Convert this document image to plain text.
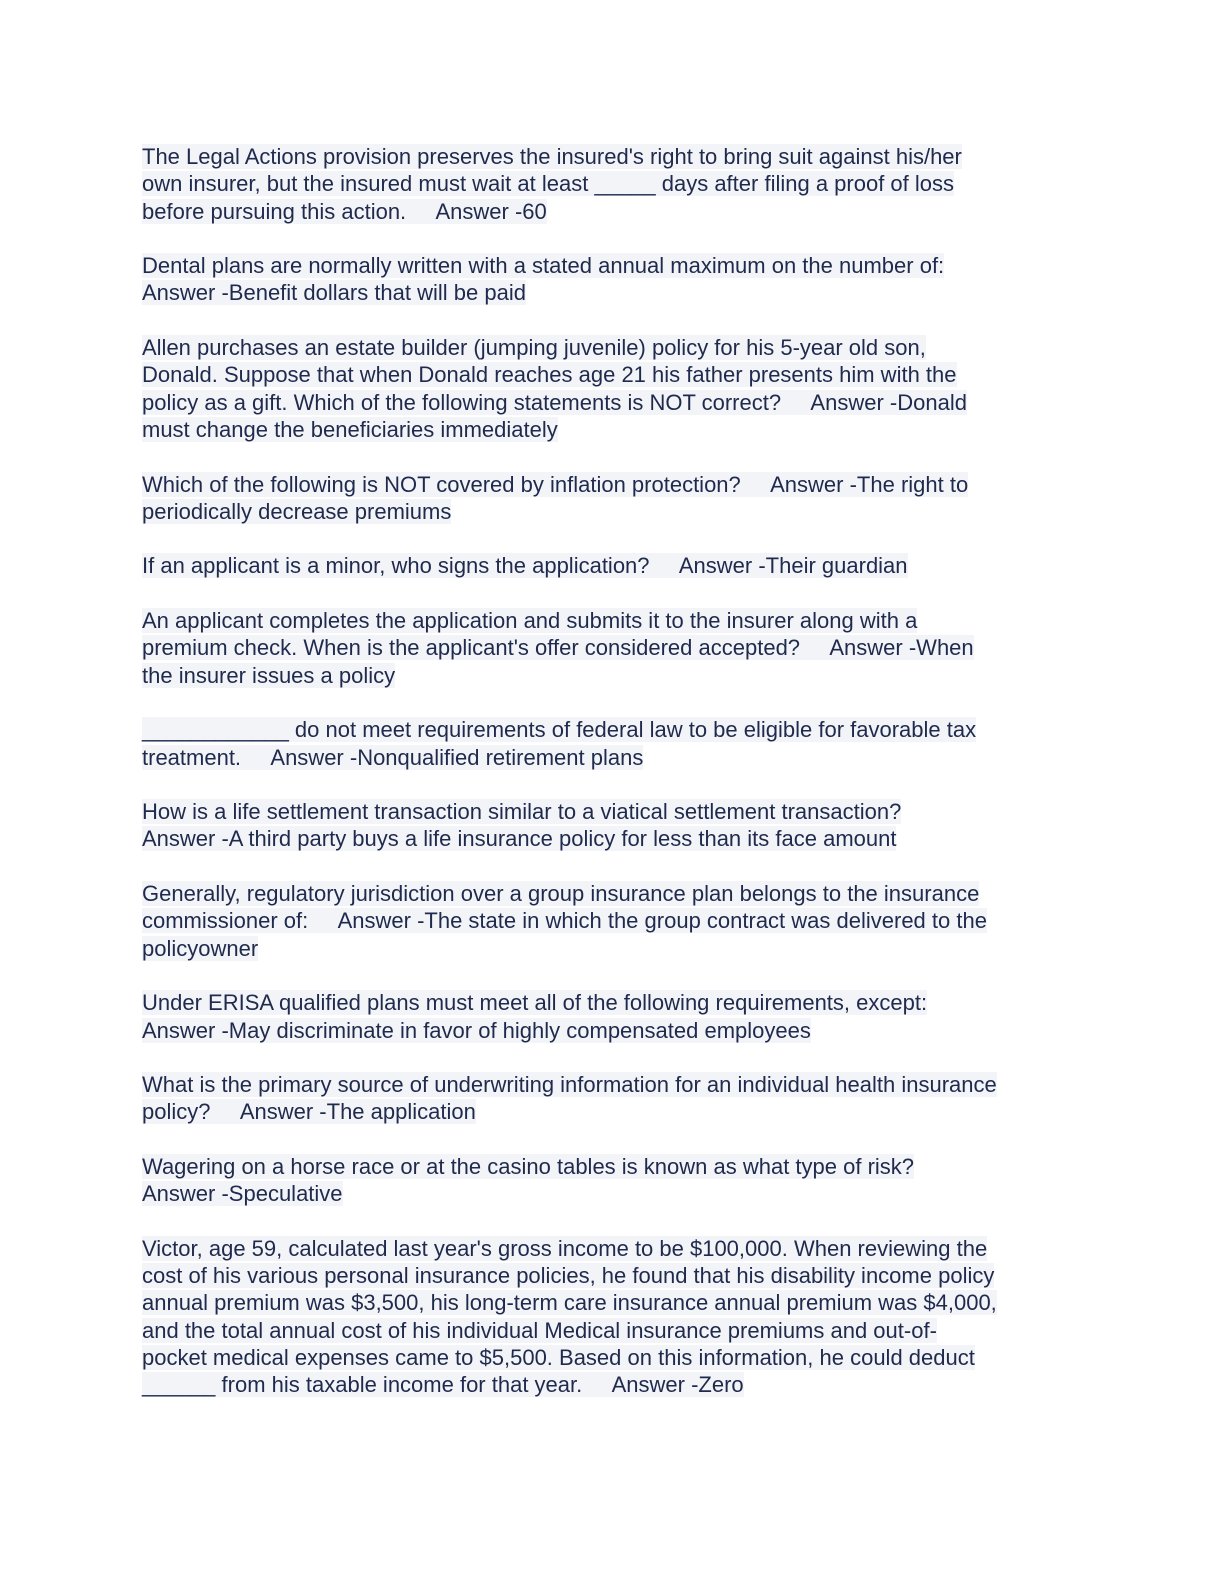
The Legal Actions provision preserves the insured's right to bring suit against his/her
own insurer, but the insured must wait at least _____ days after filing a proof of loss
before pursuing this action.     Answer -60
Dental plans are normally written with a stated annual maximum on the number of:
Answer -Benefit dollars that will be paid
Allen purchases an estate builder (jumping juvenile) policy for his 5-year old son,
Donald. Suppose that when Donald reaches age 21 his father presents him with the
policy as a gift. Which of the following statements is NOT correct?     Answer -Donald
must change the beneficiaries immediately
Which of the following is NOT covered by inflation protection?     Answer -The right to
periodically decrease premiums
If an applicant is a minor, who signs the application?     Answer -Their guardian
An applicant completes the application and submits it to the insurer along with a
premium check. When is the applicant's offer considered accepted?     Answer -When
the insurer issues a policy
____________ do not meet requirements of federal law to be eligible for favorable tax
treatment.     Answer -Nonqualified retirement plans
How is a life settlement transaction similar to a viatical settlement transaction?
Answer -A third party buys a life insurance policy for less than its face amount
Generally, regulatory jurisdiction over a group insurance plan belongs to the insurance
commissioner of:     Answer -The state in which the group contract was delivered to the
policyowner
Under ERISA qualified plans must meet all of the following requirements, except:
Answer -May discriminate in favor of highly compensated employees
What is the primary source of underwriting information for an individual health insurance
policy?     Answer -The application
Wagering on a horse race or at the casino tables is known as what type of risk?
Answer -Speculative
Victor, age 59, calculated last year's gross income to be $100,000. When reviewing the
cost of his various personal insurance policies, he found that his disability income policy
annual premium was $3,500, his long-term care insurance annual premium was $4,000,
and the total annual cost of his individual Medical insurance premiums and out-of-
pocket medical expenses came to $5,500. Based on this information, he could deduct
______ from his taxable income for that year.     Answer -Zero
